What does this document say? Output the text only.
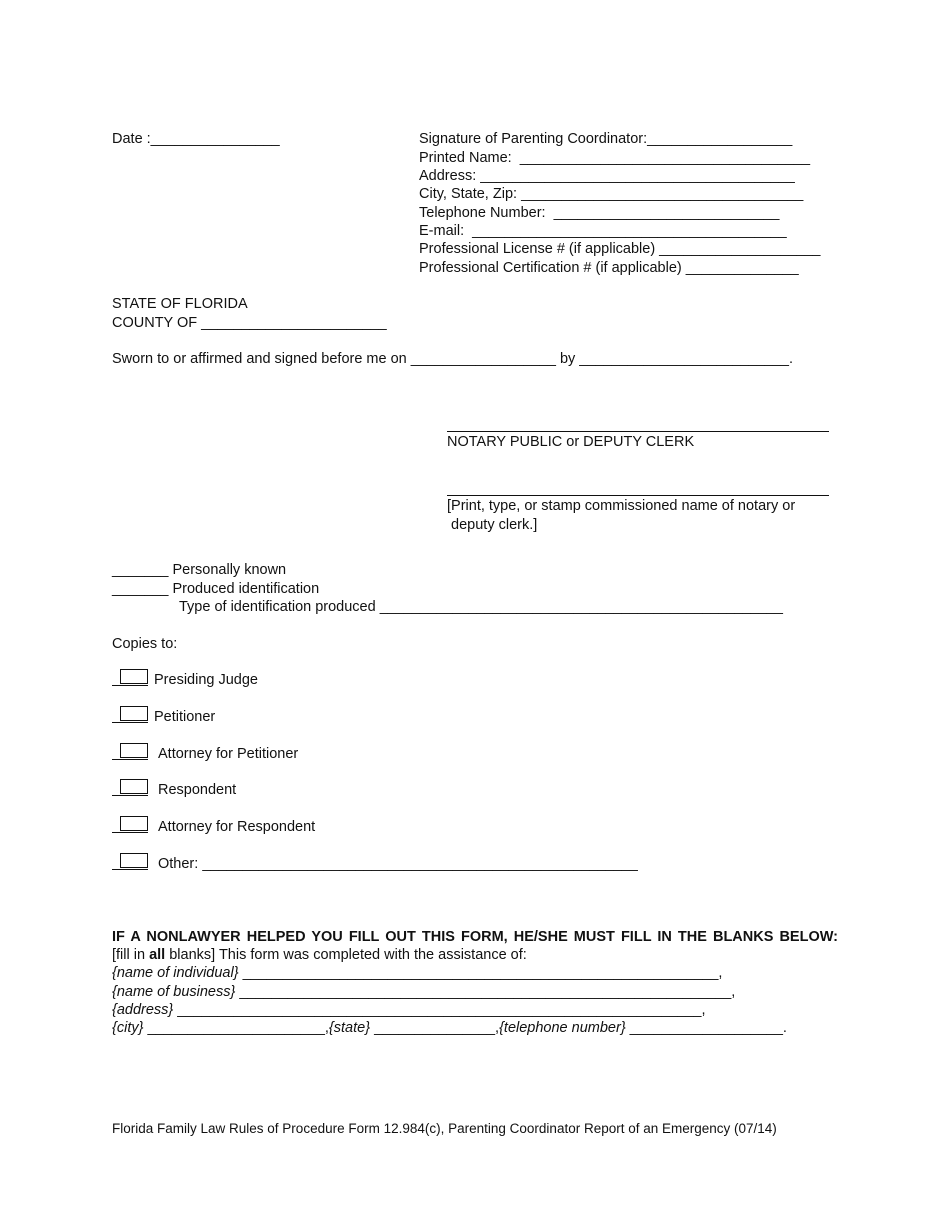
Date :________________	Signature of Parenting Coordinator:__________________
Printed Name:  ____________________________________
Address: _______________________________________
City, State, Zip: ___________________________________
Telephone Number:  ____________________________
E-mail:  _______________________________________
Professional License # (if applicable) ____________________
Professional Certification # (if applicable) ______________
STATE OF FLORIDA
COUNTY OF _______________________
Sworn to or affirmed and signed before me on __________________ by __________________________.
NOTARY PUBLIC or DEPUTY CLERK
[Print, type, or stamp commissioned name of notary or
deputy clerk.]
_______ Personally known
_______ Produced identification
Type of identification produced __________________________________________________
Copies to:
Presiding Judge
Petitioner
Attorney for Petitioner
Respondent
Attorney for Respondent
Other: ______________________________________________________
IF A NONLAWYER HELPED YOU FILL OUT THIS FORM, HE/SHE MUST FILL IN THE BLANKS BELOW:
[fill in all blanks] This form was completed with the assistance of:
{name of individual} ___________________________________________________________,
{name of business} _____________________________________________________________,
{address} _________________________________________________________________,
{city} ______________________,{state} _______________,{telephone number} ___________________.
Florida Family Law Rules of Procedure Form 12.984(c), Parenting Coordinator Report of an Emergency (07/14)
